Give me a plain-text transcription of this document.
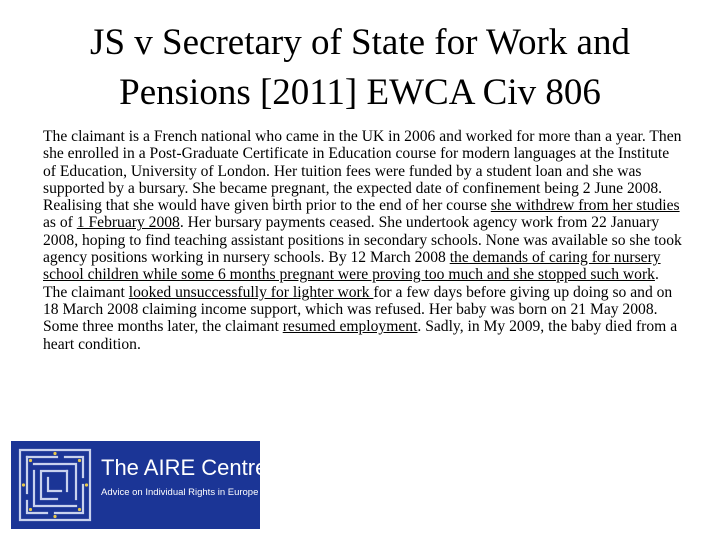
JS v Secretary of State for Work and
Pensions [2011] EWCA Civ 806

The claimant is a French national who came in the UK in 2006 and worked for more than a year. Then she enrolled in a Post-Graduate Certificate in Education course for modern languages at the Institute of Education, University of London. Her tuition fees were funded by a student loan and she was supported by a bursary. She became pregnant, the expected date of confinement being 2 June 2008. Realising that she would have given birth prior to the end of her course she withdrew from her studies as of 1 February 2008. Her bursary payments ceased. She undertook agency work from 22 January 2008, hoping to find teaching assistant positions in secondary schools. None was available so she took agency positions working in nursery schools. By 12 March 2008 the demands of caring for nursery school children while some 6 months pregnant were proving too much and she stopped such work. The claimant looked unsuccessfully for lighter work for a few days before giving up doing so and on 18 March 2008 claiming income support, which was refused. Her baby was born on 21 May 2008. Some three months later, the claimant resumed employment. Sadly, in My 2009, the baby died from a heart condition.

The AIRE Centre
Advice on Individual Rights in Europe
